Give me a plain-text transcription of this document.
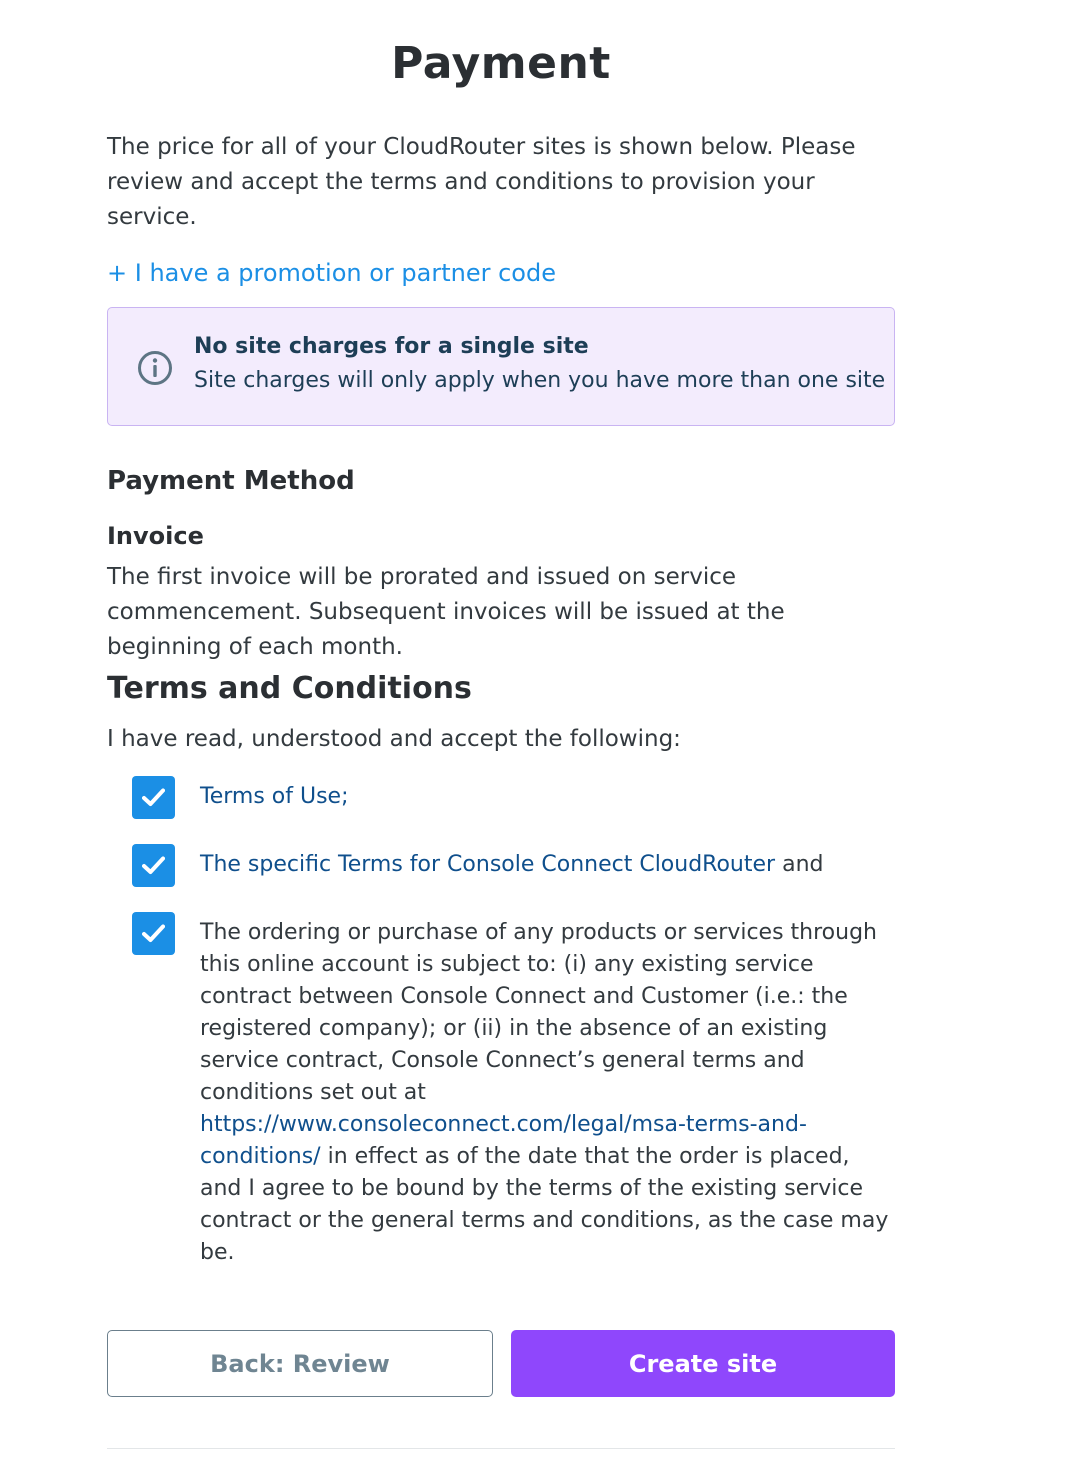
Payment

The price for all of your CloudRouter sites is shown below. Please review and accept the terms and conditions to provision your service.

+ I have a promotion or partner code
No site charges for a single site
Site charges will only apply when you have more than one site
Payment Method
Invoice

The first invoice will be prorated and issued on service commencement. Subsequent invoices will be issued at the beginning of each month.

Terms and Conditions

I have read, understood and accept the following:

Terms of Use;
The specific Terms for Console Connect CloudRouter and
The ordering or purchase of any products or services through this online account is subject to: (i) any existing service contract between Console Connect and Customer (i.e.: the registered company); or (ii) in the absence of an existing service contract, Console Connect’s general terms and conditions set out at https://www.consoleconnect.com/legal/msa-terms-and-conditions/ in effect as of the date that the order is placed, and I agree to be bound by the terms of the existing service contract or the general terms and conditions, as the case may be.
Back: Review	Create site
